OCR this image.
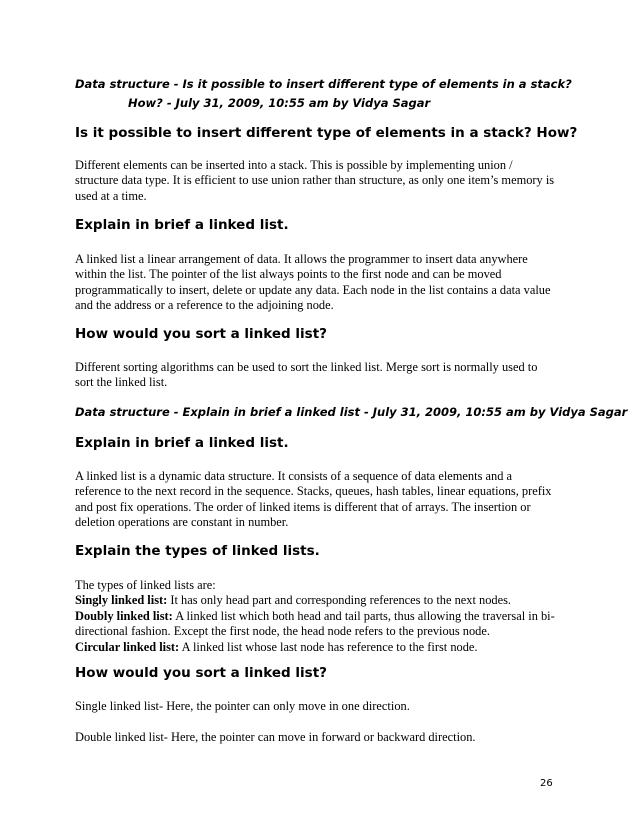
Data structure - Is it possible to insert different type of elements in a stack?
How? - July 31, 2009, 10:55 am by Vidya Sagar
Is it possible to insert different type of elements in a stack? How?
Different elements can be inserted into a stack. This is possible by implementing union /
structure data type. It is efficient to use union rather than structure, as only one item’s memory is
used at a time.
Explain in brief a linked list.
A linked list a linear arrangement of data. It allows the programmer to insert data anywhere
within the list. The pointer of the list always points to the first node and can be moved
programmatically to insert, delete or update any data. Each node in the list contains a data value
and the address or a reference to the adjoining node.
How would you sort a linked list?
Different sorting algorithms can be used to sort the linked list. Merge sort is normally used to
sort the linked list.
Data structure - Explain in brief a linked list - July 31, 2009, 10:55 am by Vidya Sagar
Explain in brief a linked list.
A linked list is a dynamic data structure. It consists of a sequence of data elements and a
reference to the next record in the sequence. Stacks, queues, hash tables, linear equations, prefix
and post fix operations. The order of linked items is different that of arrays. The insertion or
deletion operations are constant in number.
Explain the types of linked lists.
The types of linked lists are:
Singly linked list: It has only head part and corresponding references to the next nodes.
Doubly linked list: A linked list which both head and tail parts, thus allowing the traversal in bi-
directional fashion. Except the first node, the head node refers to the previous node.
Circular linked list: A linked list whose last node has reference to the first node.
How would you sort a linked list?
Single linked list- Here, the pointer can only move in one direction.
Double linked list- Here, the pointer can move in forward or backward direction.
26
